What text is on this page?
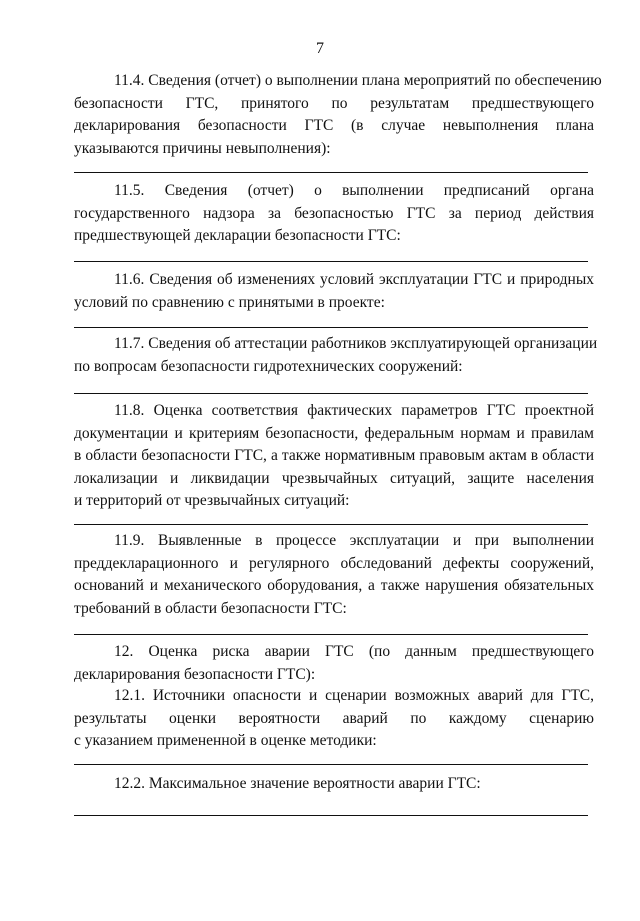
7
11.4. Сведения (отчет) о выполнении плана мероприятий по обеспечению
безопасности ГТС, принятого по результатам предшествующего
декларирования безопасности ГТС (в случае невыполнения плана
указываются причины невыполнения):
11.5. Сведения (отчет) о выполнении предписаний органа
государственного надзора за безопасностью ГТС за период действия
предшествующей декларации безопасности ГТС:
11.6. Сведения об изменениях условий эксплуатации ГТС и природных
условий по сравнению с принятыми в проекте:
11.7. Сведения об аттестации работников эксплуатирующей организации
по вопросам безопасности гидротехнических сооружений:
11.8. Оценка соответствия фактических параметров ГТС проектной
документации и критериям безопасности, федеральным нормам и правилам
в области безопасности ГТС, а также нормативным правовым актам в области
локализации и ликвидации чрезвычайных ситуаций, защите населения
и территорий от чрезвычайных ситуаций:
11.9. Выявленные в процессе эксплуатации и при выполнении
преддекларационного и регулярного обследований дефекты сооружений,
оснований и механического оборудования, а также нарушения обязательных
требований в области безопасности ГТС:
12. Оценка риска аварии ГТС (по данным предшествующего
декларирования безопасности ГТС):
12.1. Источники опасности и сценарии возможных аварий для ГТС,
результаты оценки вероятности аварий по каждому сценарию
с указанием примененной в оценке методики:
12.2. Максимальное значение вероятности аварии ГТС:
